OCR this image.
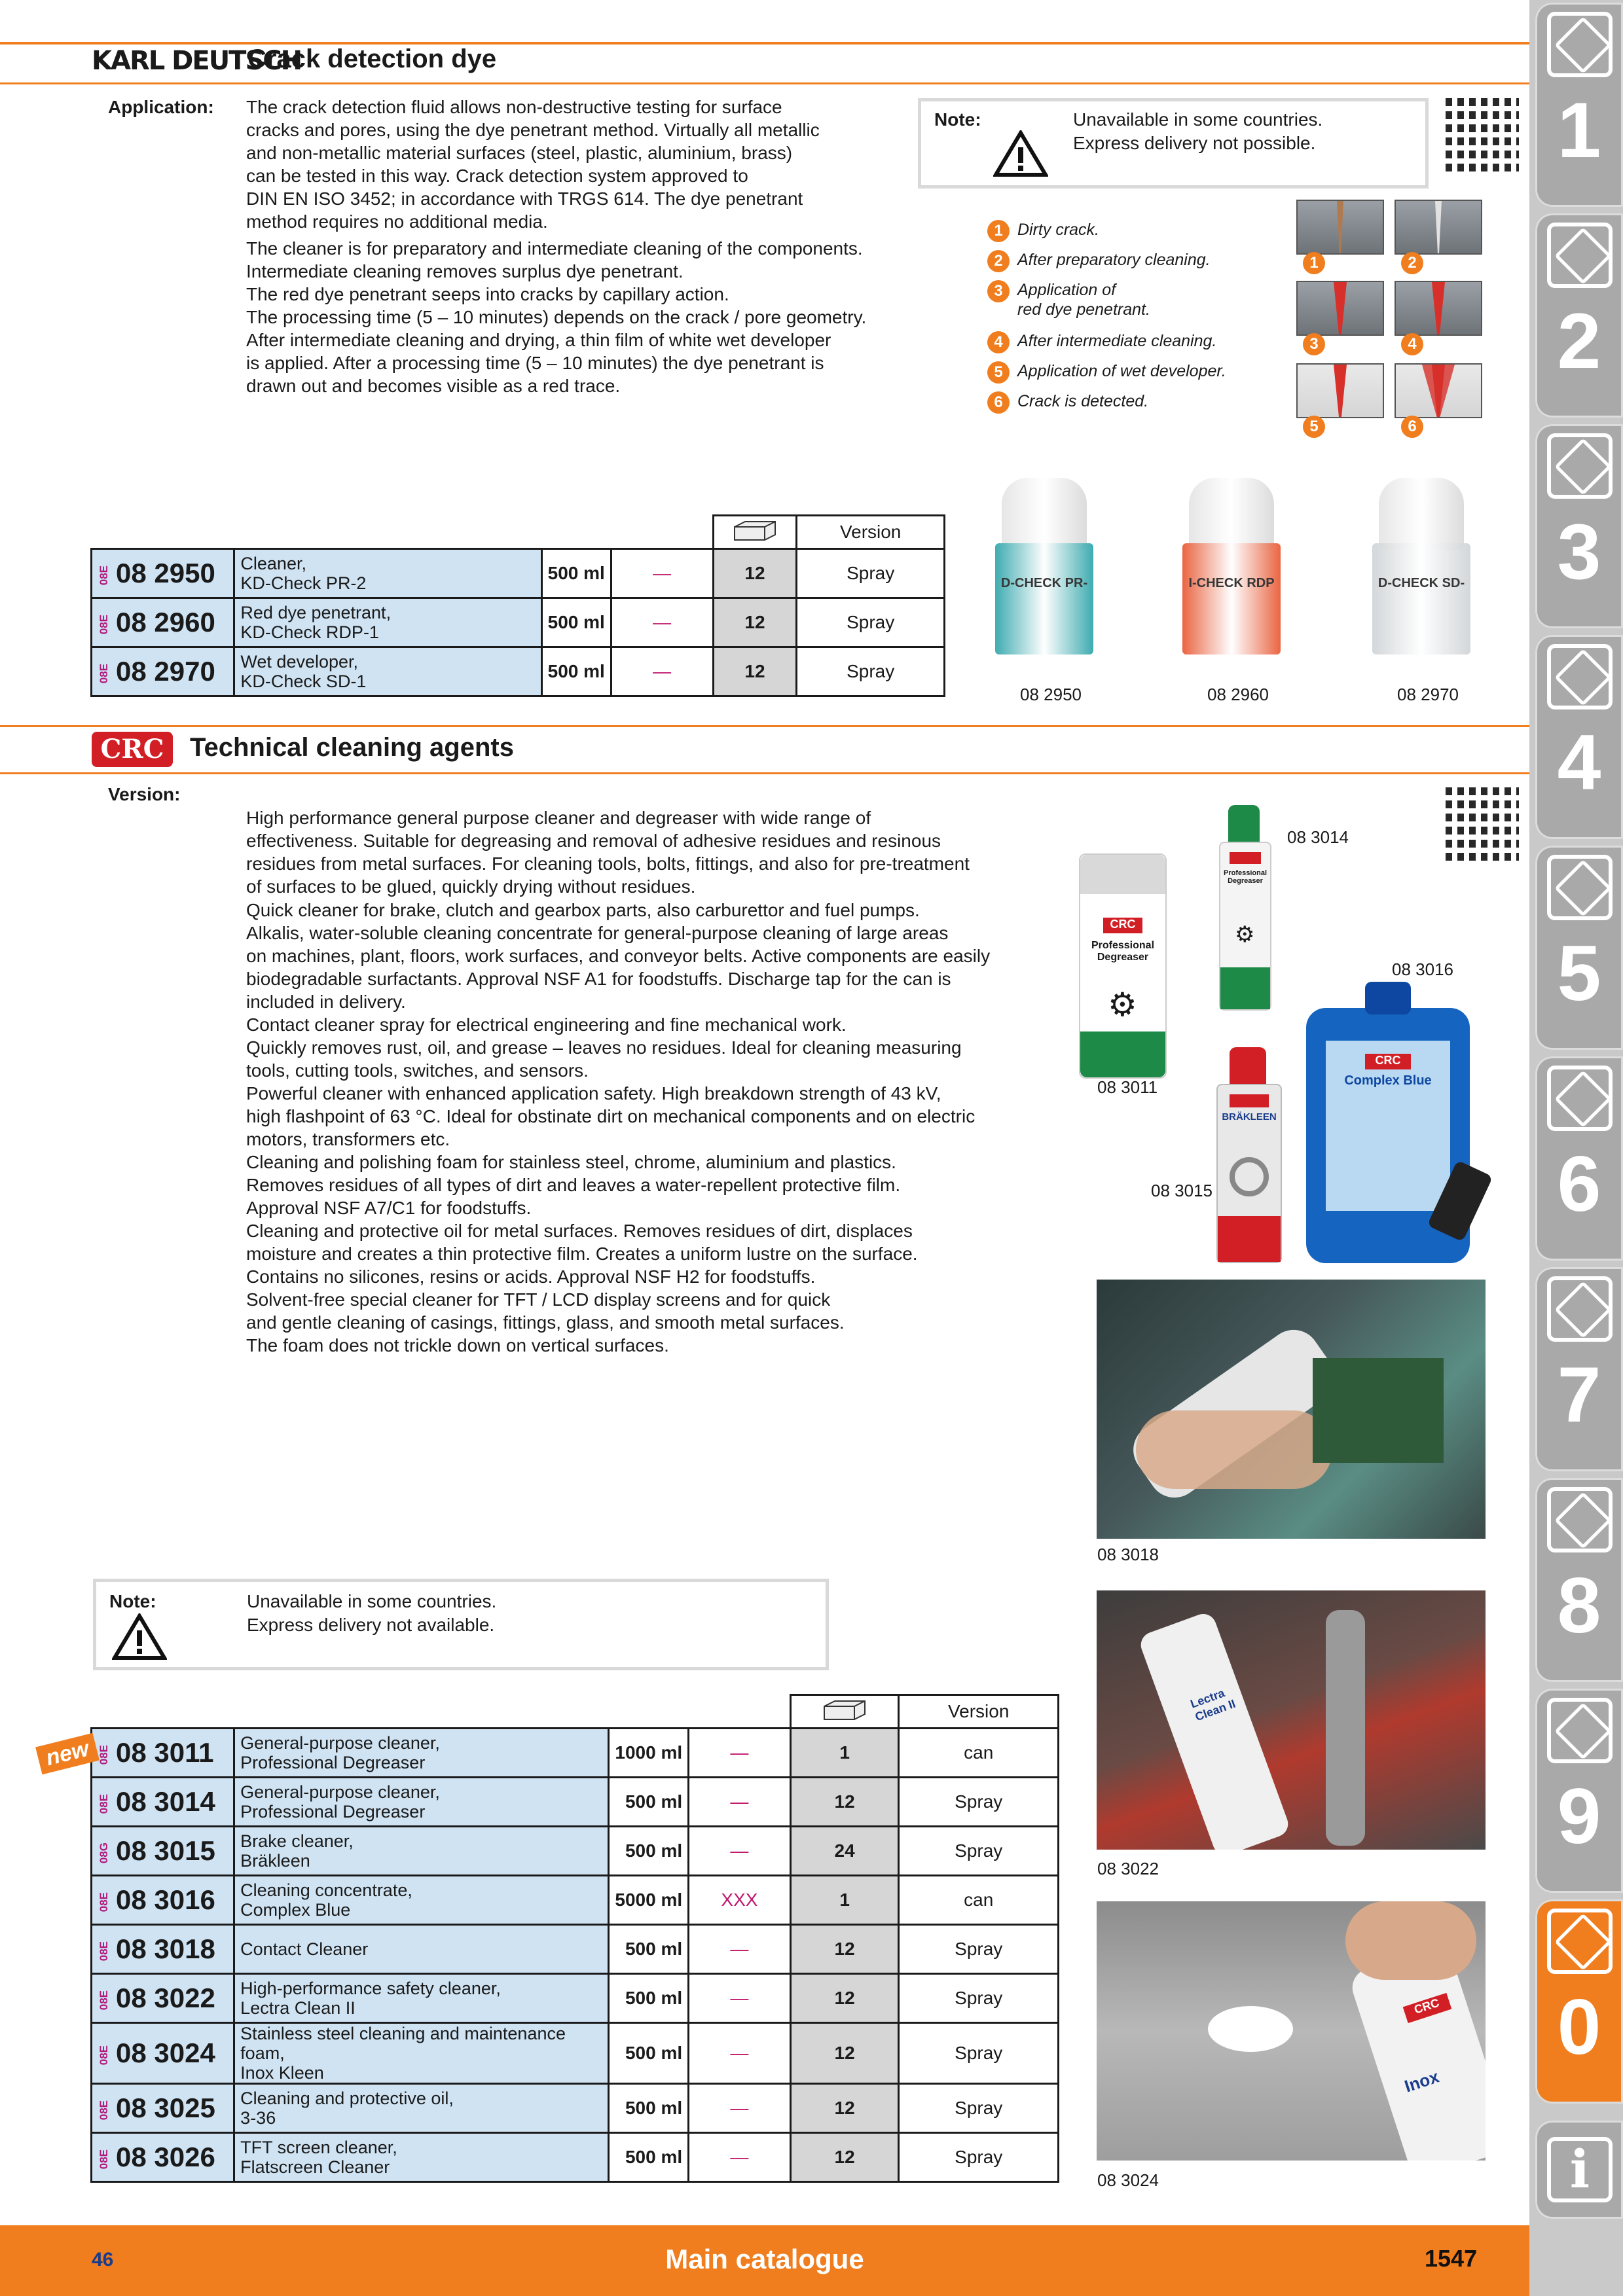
1
2
3
4
5
6
7
8
9
0
i
KARL DEUTSCH
Crack detection dye
Application: The crack detection fluid allows non-destructive testing for surface
cracks and pores, using the dye penetrant method. Virtually all metallic
and non-metallic material surfaces (steel, plastic, aluminium, brass)
can be tested in this way. Crack detection system approved to
DIN EN ISO 3452; in accordance with TRGS 614. The dye penetrant
method requires no additional media.
The cleaner is for preparatory and intermediate cleaning of the components.
Intermediate cleaning removes surplus dye penetrant.
The red dye penetrant seeps into cracks by capillary action.
The processing time (5 – 10 minutes) depends on the crack / pore geometry.
After intermediate cleaning and drying, a thin film of white wet developer
is applied. After a processing time (5 – 10 minutes) the dye penetrant is
drawn out and becomes visible as a red trace.
Note:	Unavailable in some countries.
Express delivery not possible.
1 Dirty crack.
2 After preparatory cleaning.
3 Application of
red dye penetrant.
4 After intermediate cleaning.
5 Application of wet developer.
6 Crack is detected.
1	2
3	4
5	6
		Version
08E 08 2950	Cleaner,
KD-Check PR-2	500 ml	—	12	Spray
08E 08 2960	Red dye penetrant,
KD-Check RDP-1	500 ml	—	12	Spray
08E 08 2970	Wet developer,
KD-Check SD-1	500 ml	—	12	Spray
D-CHECK PR-
08 2950
I-CHECK RDP
08 2960
D-CHECK SD-
08 2970
CRC Technical cleaning agents
Version:
High performance general purpose cleaner and degreaser with wide range of
effectiveness. Suitable for degreasing and removal of adhesive residues and resinous
residues from metal surfaces. For cleaning tools, bolts, fittings, and also for pre-treatment
of surfaces to be glued, quickly drying without residues.
Quick cleaner for brake, clutch and gearbox parts, also carburettor and fuel pumps.
Alkalis, water-soluble cleaning concentrate for general-purpose cleaning of large areas
on machines, plant, floors, work surfaces, and conveyor belts. Active components are easily
biodegradable surfactants. Approval NSF A1 for foodstuffs. Discharge tap for the can is
included in delivery.
Contact cleaner spray for electrical engineering and fine mechanical work.
Quickly removes rust, oil, and grease – leaves no residues. Ideal for cleaning measuring
tools, cutting tools, switches, and sensors.
Powerful cleaner with enhanced application safety. High breakdown strength of 43 kV,
high flashpoint of 63 °C. Ideal for obstinate dirt on mechanical components and on electric
motors, transformers etc.
Cleaning and polishing foam for stainless steel, chrome, aluminium and plastics.
Removes residues of all types of dirt and leaves a water-repellent protective film.
Approval NSF A7/C1 for foodstuffs.
Cleaning and protective oil for metal surfaces. Removes residues of dirt, displaces
moisture and creates a thin protective film. Creates a uniform lustre on the surface.
Contains no silicones, resins or acids. Approval NSF H2 for foodstuffs.
Solvent-free special cleaner for TFT / LCD display screens and for quick
and gentle cleaning of casings, fittings, glass, and smooth metal surfaces.
The foam does not trickle down on vertical surfaces.
Note:	Unavailable in some countries.
Express delivery not available.
		Version
08E 08 3011	General-purpose cleaner,
Professional Degreaser	1000 ml	—	1	can
08E 08 3014	General-purpose cleaner,
Professional Degreaser	500 ml	—	12	Spray
08G 08 3015	Brake cleaner,
Bräkleen	500 ml	—	24	Spray
08E 08 3016	Cleaning concentrate,
Complex Blue	5000 ml	XXX	1	can
08E 08 3018	Contact Cleaner	500 ml	—	12	Spray
08E 08 3022	High-performance safety cleaner,
Lectra Clean II	500 ml	—	12	Spray
08E 08 3024	Stainless steel cleaning and maintenance foam,
Inox Kleen	500 ml	—	12	Spray
08E 08 3025	Cleaning and protective oil,
3-36	500 ml	—	12	Spray
08E 08 3026	TFT screen cleaner,
Flatscreen Cleaner	500 ml	—	12	Spray
new
CRC
Professional Degreaser
⚙
Professional Degreaser
⚙
08 3014
08 3016
CRC
Complex Blue
08 3011
BRÄKLEEN
08 3015
08 3018
Lectra Clean II
08 3022
CRC
Inox
08 3024
46	Main catalogue	1547
